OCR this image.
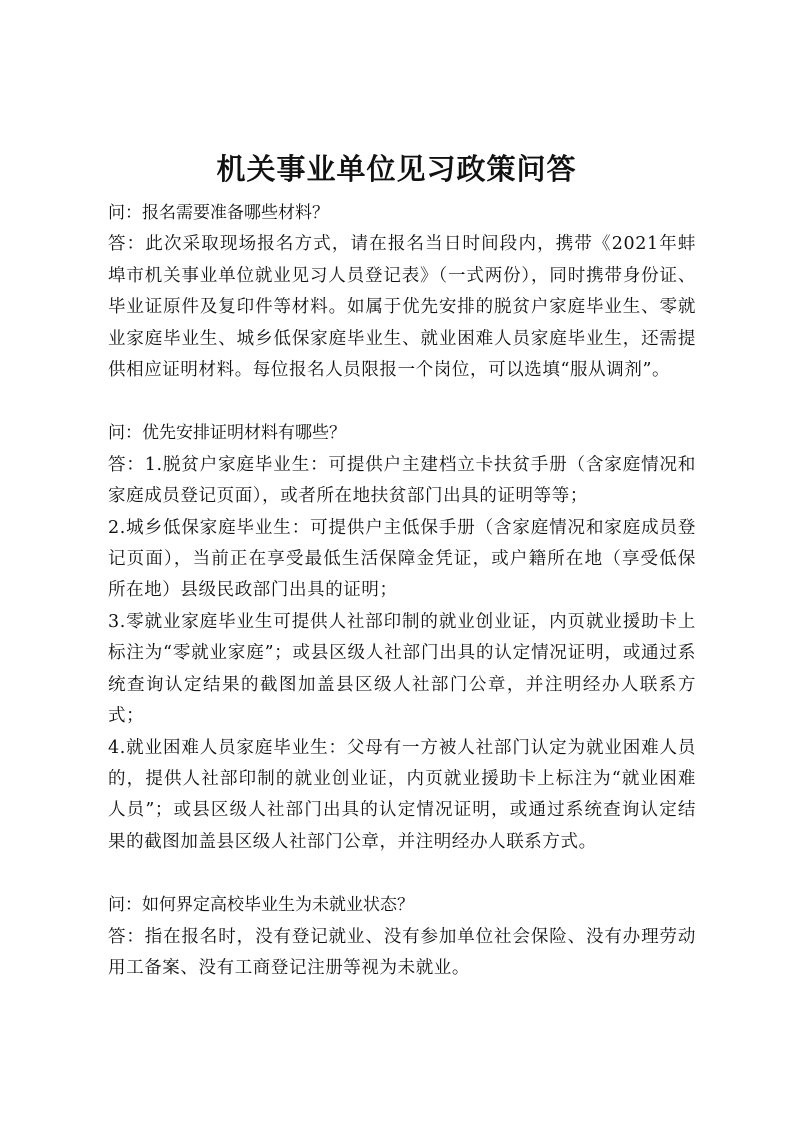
机关事业单位见习政策问答

问：报名需要准备哪些材料？

答：此次采取现场报名方式，请在报名当日时间段内，携带《2021年蚌埠市机关事业单位就业见习人员登记表》（一式两份），同时携带身份证、毕业证原件及复印件等材料。如属于优先安排的脱贫户家庭毕业生、零就业家庭毕业生、城乡低保家庭毕业生、就业困难人员家庭毕业生，还需提供相应证明材料。每位报名人员限报一个岗位，可以选填“服从调剂”。

问：优先安排证明材料有哪些？

答：1.脱贫户家庭毕业生：可提供户主建档立卡扶贫手册（含家庭情况和家庭成员登记页面），或者所在地扶贫部门出具的证明等等；

2.城乡低保家庭毕业生：可提供户主低保手册（含家庭情况和家庭成员登记页面），当前正在享受最低生活保障金凭证，或户籍所在地（享受低保所在地）县级民政部门出具的证明；

3.零就业家庭毕业生可提供人社部印制的就业创业证，内页就业援助卡上标注为“零就业家庭”；或县区级人社部门出具的认定情况证明，或通过系统查询认定结果的截图加盖县区级人社部门公章，并注明经办人联系方式；

4.就业困难人员家庭毕业生：父母有一方被人社部门认定为就业困难人员的，提供人社部印制的就业创业证，内页就业援助卡上标注为“就业困难人员”；或县区级人社部门出具的认定情况证明，或通过系统查询认定结果的截图加盖县区级人社部门公章，并注明经办人联系方式。

问：如何界定高校毕业生为未就业状态？

答：指在报名时，没有登记就业、没有参加单位社会保险、没有办理劳动用工备案、没有工商登记注册等视为未就业。
